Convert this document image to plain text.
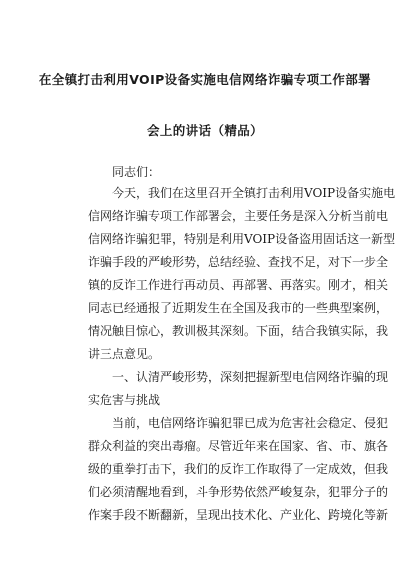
在全镇打击利用VOIP设备实施电信网络诈骗专项工作部署
会上的讲话（精品）
同志们：
今天，我们在这里召开全镇打击利用VOIP设备实施电
信网络诈骗专项工作部署会，主要任务是深入分析当前电
信网络诈骗犯罪，特别是利用VOIP设备盗用固话这一新型
诈骗手段的严峻形势，总结经验、查找不足，对下一步全
镇的反诈工作进行再动员、再部署、再落实。刚才，相关
同志已经通报了近期发生在全国及我市的一些典型案例，
情况触目惊心，教训极其深刻。下面，结合我镇实际，我
讲三点意见。
一、认清严峻形势，深刻把握新型电信网络诈骗的现
实危害与挑战
当前，电信网络诈骗犯罪已成为危害社会稳定、侵犯
群众利益的突出毒瘤。尽管近年来在国家、省、市、旗各
级的重拳打击下，我们的反诈工作取得了一定成效，但我
们必须清醒地看到，斗争形势依然严峻复杂，犯罪分子的
作案手段不断翻新，呈现出技术化、产业化、跨境化等新
